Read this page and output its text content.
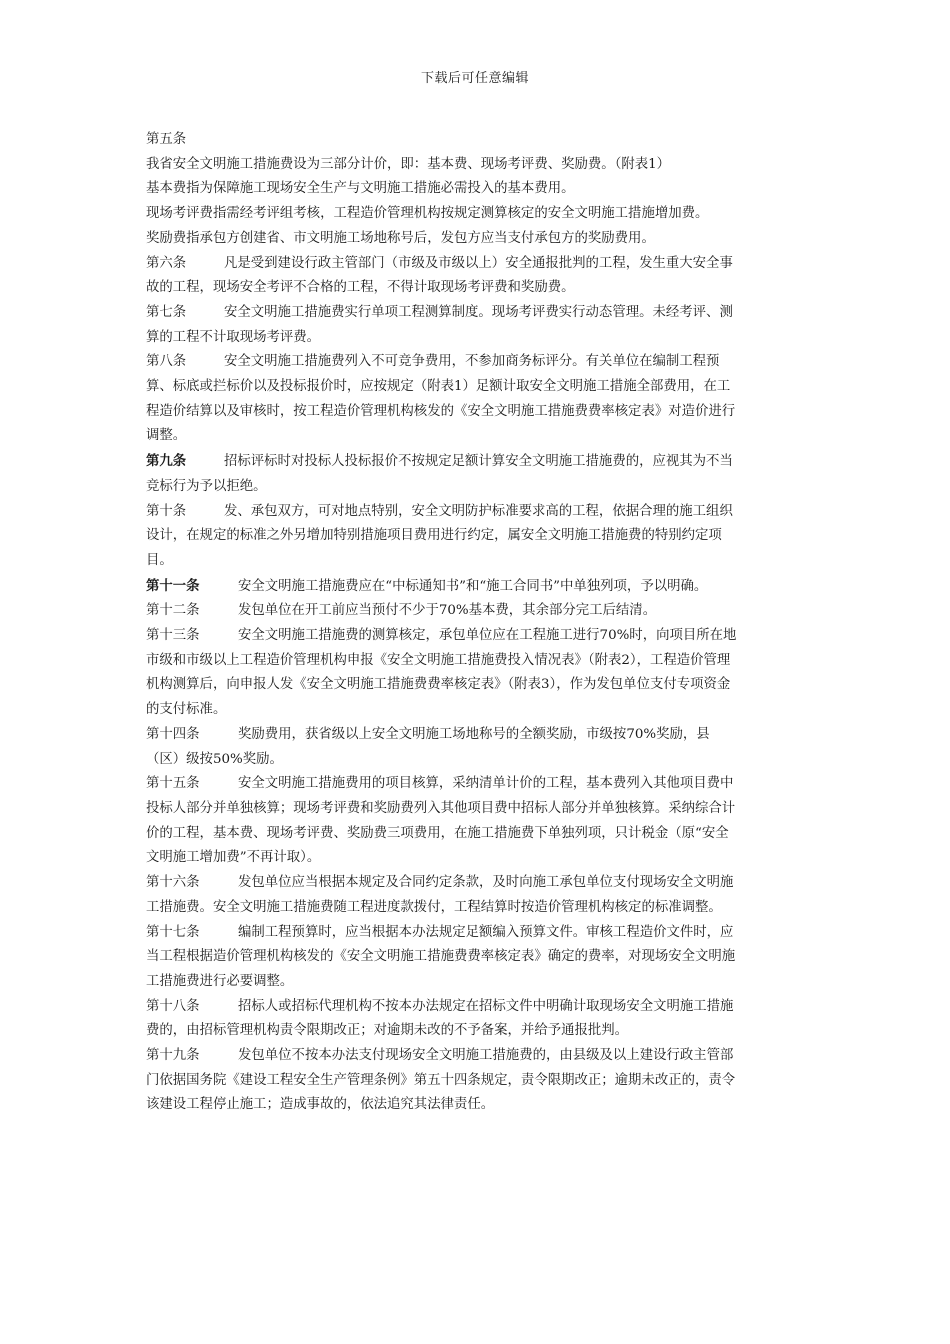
下载后可任意编辑

第五条我省安全文明施工措施费设为三部分计价，即：基本费、现场考评费、奖励费。（附表1）

基本费指为保障施工现场安全生产与文明施工措施必需投入的基本费用。

现场考评费指需经考评组考核，工程造价管理机构按规定测算核定的安全文明施工措施增加费。

奖励费指承包方创建省、市文明施工场地称号后，发包方应当支付承包方的奖励费用。

第六条	凡是受到建设行政主管部门（市级及市级以上）安全通报批判的工程，发生重大安全事故的工程，现场安全考评不合格的工程，不得计取现场考评费和奖励费。

第七条	安全文明施工措施费实行单项工程测算制度。现场考评费实行动态管理。未经考评、测算的工程不计取现场考评费。

第八条	安全文明施工措施费列入不可竞争费用，不参加商务标评分。有关单位在编制工程预算、标底或拦标价以及投标报价时，应按规定（附表1）足额计取安全文明施工措施全部费用，在工程造价结算以及审核时，按工程造价管理机构核发的《安全文明施工措施费费率核定表》对造价进行调整。

第九条	招标评标时对投标人投标报价不按规定足额计算安全文明施工措施费的，应视其为不当竞标行为予以拒绝。

第十条	发、承包双方，可对地点特别，安全文明防护标准要求高的工程，依据合理的施工组织设计，在规定的标准之外另增加特别措施项目费用进行约定，属安全文明施工措施费的特别约定项目。

第十一条	安全文明施工措施费应在“中标通知书”和“施工合同书”中单独列项，予以明确。

第十二条	发包单位在开工前应当预付不少于70%基本费，其余部分完工后结清。

第十三条	安全文明施工措施费的测算核定，承包单位应在工程施工进行70%时，向项目所在地市级和市级以上工程造价管理机构申报《安全文明施工措施费投入情况表》（附表2），工程造价管理机构测算后，向申报人发《安全文明施工措施费费率核定表》（附表3），作为发包单位支付专项资金的支付标准。

第十四条	奖励费用，获省级以上安全文明施工场地称号的全额奖励，市级按70%奖励，县（区）级按50%奖励。

第十五条	安全文明施工措施费用的项目核算，采纳清单计价的工程，基本费列入其他项目费中投标人部分并单独核算；现场考评费和奖励费列入其他项目费中招标人部分并单独核算。采纳综合计价的工程，基本费、现场考评费、奖励费三项费用，在施工措施费下单独列项，只计税金（原“安全文明施工增加费”不再计取）。

第十六条	发包单位应当根据本规定及合同约定条款，及时向施工承包单位支付现场安全文明施工措施费。安全文明施工措施费随工程进度款拨付，工程结算时按造价管理机构核定的标准调整。

第十七条	编制工程预算时，应当根据本办法规定足额编入预算文件。审核工程造价文件时，应当工程根据造价管理机构核发的《安全文明施工措施费费率核定表》确定的费率，对现场安全文明施工措施费进行必要调整。

第十八条	招标人或招标代理机构不按本办法规定在招标文件中明确计取现场安全文明施工措施费的，由招标管理机构责令限期改正；对逾期未改的不予备案，并给予通报批判。

第十九条	发包单位不按本办法支付现场安全文明施工措施费的，由县级及以上建设行政主管部门依据国务院《建设工程安全生产管理条例》第五十四条规定，责令限期改正；逾期未改正的，责令该建设工程停止施工；造成事故的，依法追究其法律责任。
